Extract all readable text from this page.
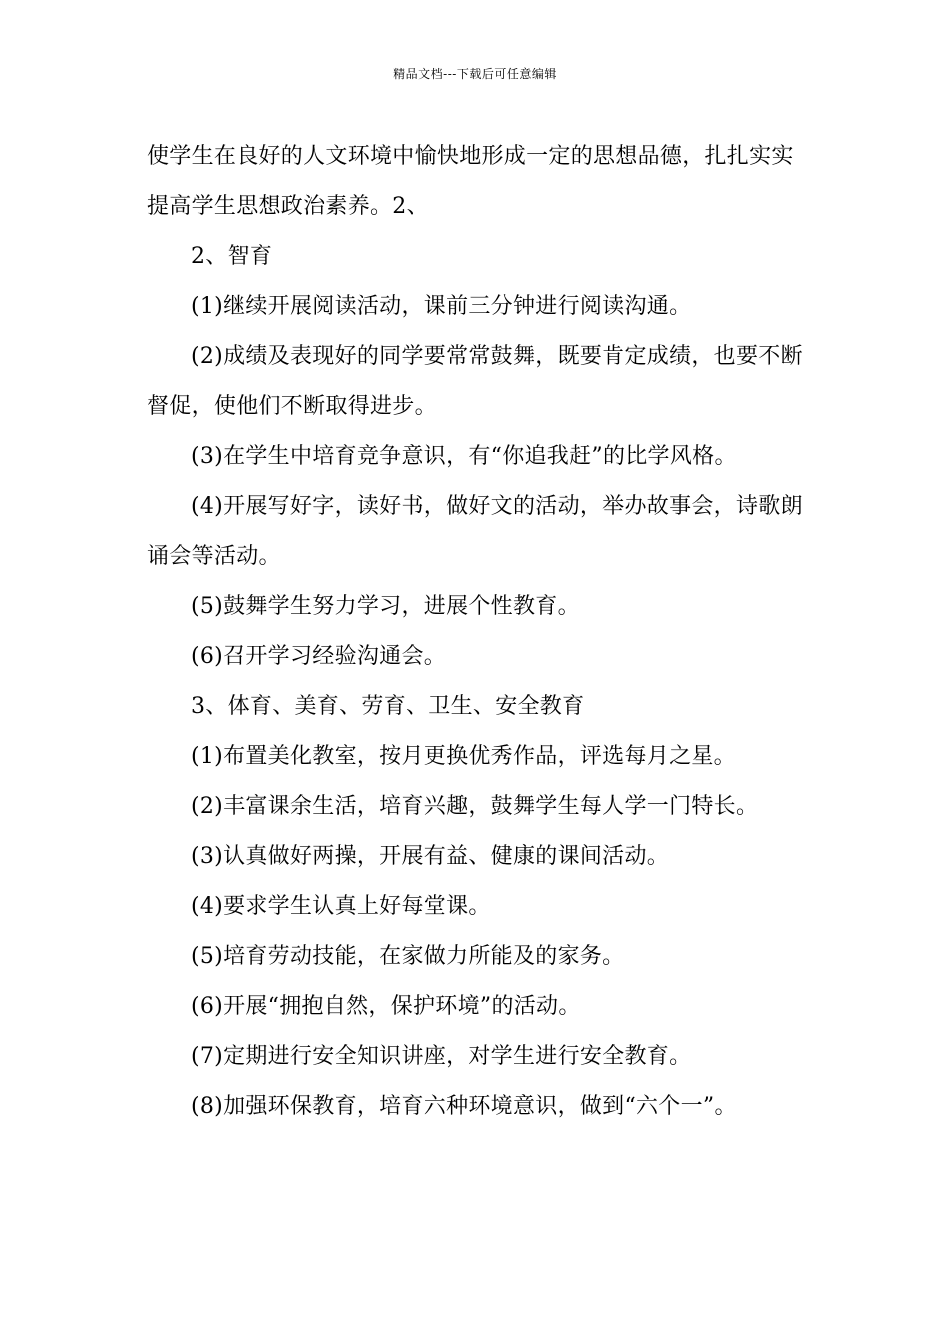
精品文档---下载后可任意编辑
使学生在良好的人文环境中愉快地形成一定的思想品德，扎扎实实
提高学生思想政治素养。2、
2、智育
(1)继续开展阅读活动，课前三分钟进行阅读沟通。
(2)成绩及表现好的同学要常常鼓舞，既要肯定成绩，也要不断
督促，使他们不断取得进步。
(3)在学生中培育竞争意识，有“你追我赶”的比学风格。
(4)开展写好字，读好书，做好文的活动，举办故事会，诗歌朗
诵会等活动。
(5)鼓舞学生努力学习，进展个性教育。
(6)召开学习经验沟通会。
3、体育、美育、劳育、卫生、安全教育
(1)布置美化教室，按月更换优秀作品，评选每月之星。
(2)丰富课余生活，培育兴趣，鼓舞学生每人学一门特长。
(3)认真做好两操，开展有益、健康的课间活动。
(4)要求学生认真上好每堂课。
(5)培育劳动技能，在家做力所能及的家务。
(6)开展“拥抱自然，保护环境”的活动。
(7)定期进行安全知识讲座，对学生进行安全教育。
(8)加强环保教育，培育六种环境意识，做到“六个一”。
